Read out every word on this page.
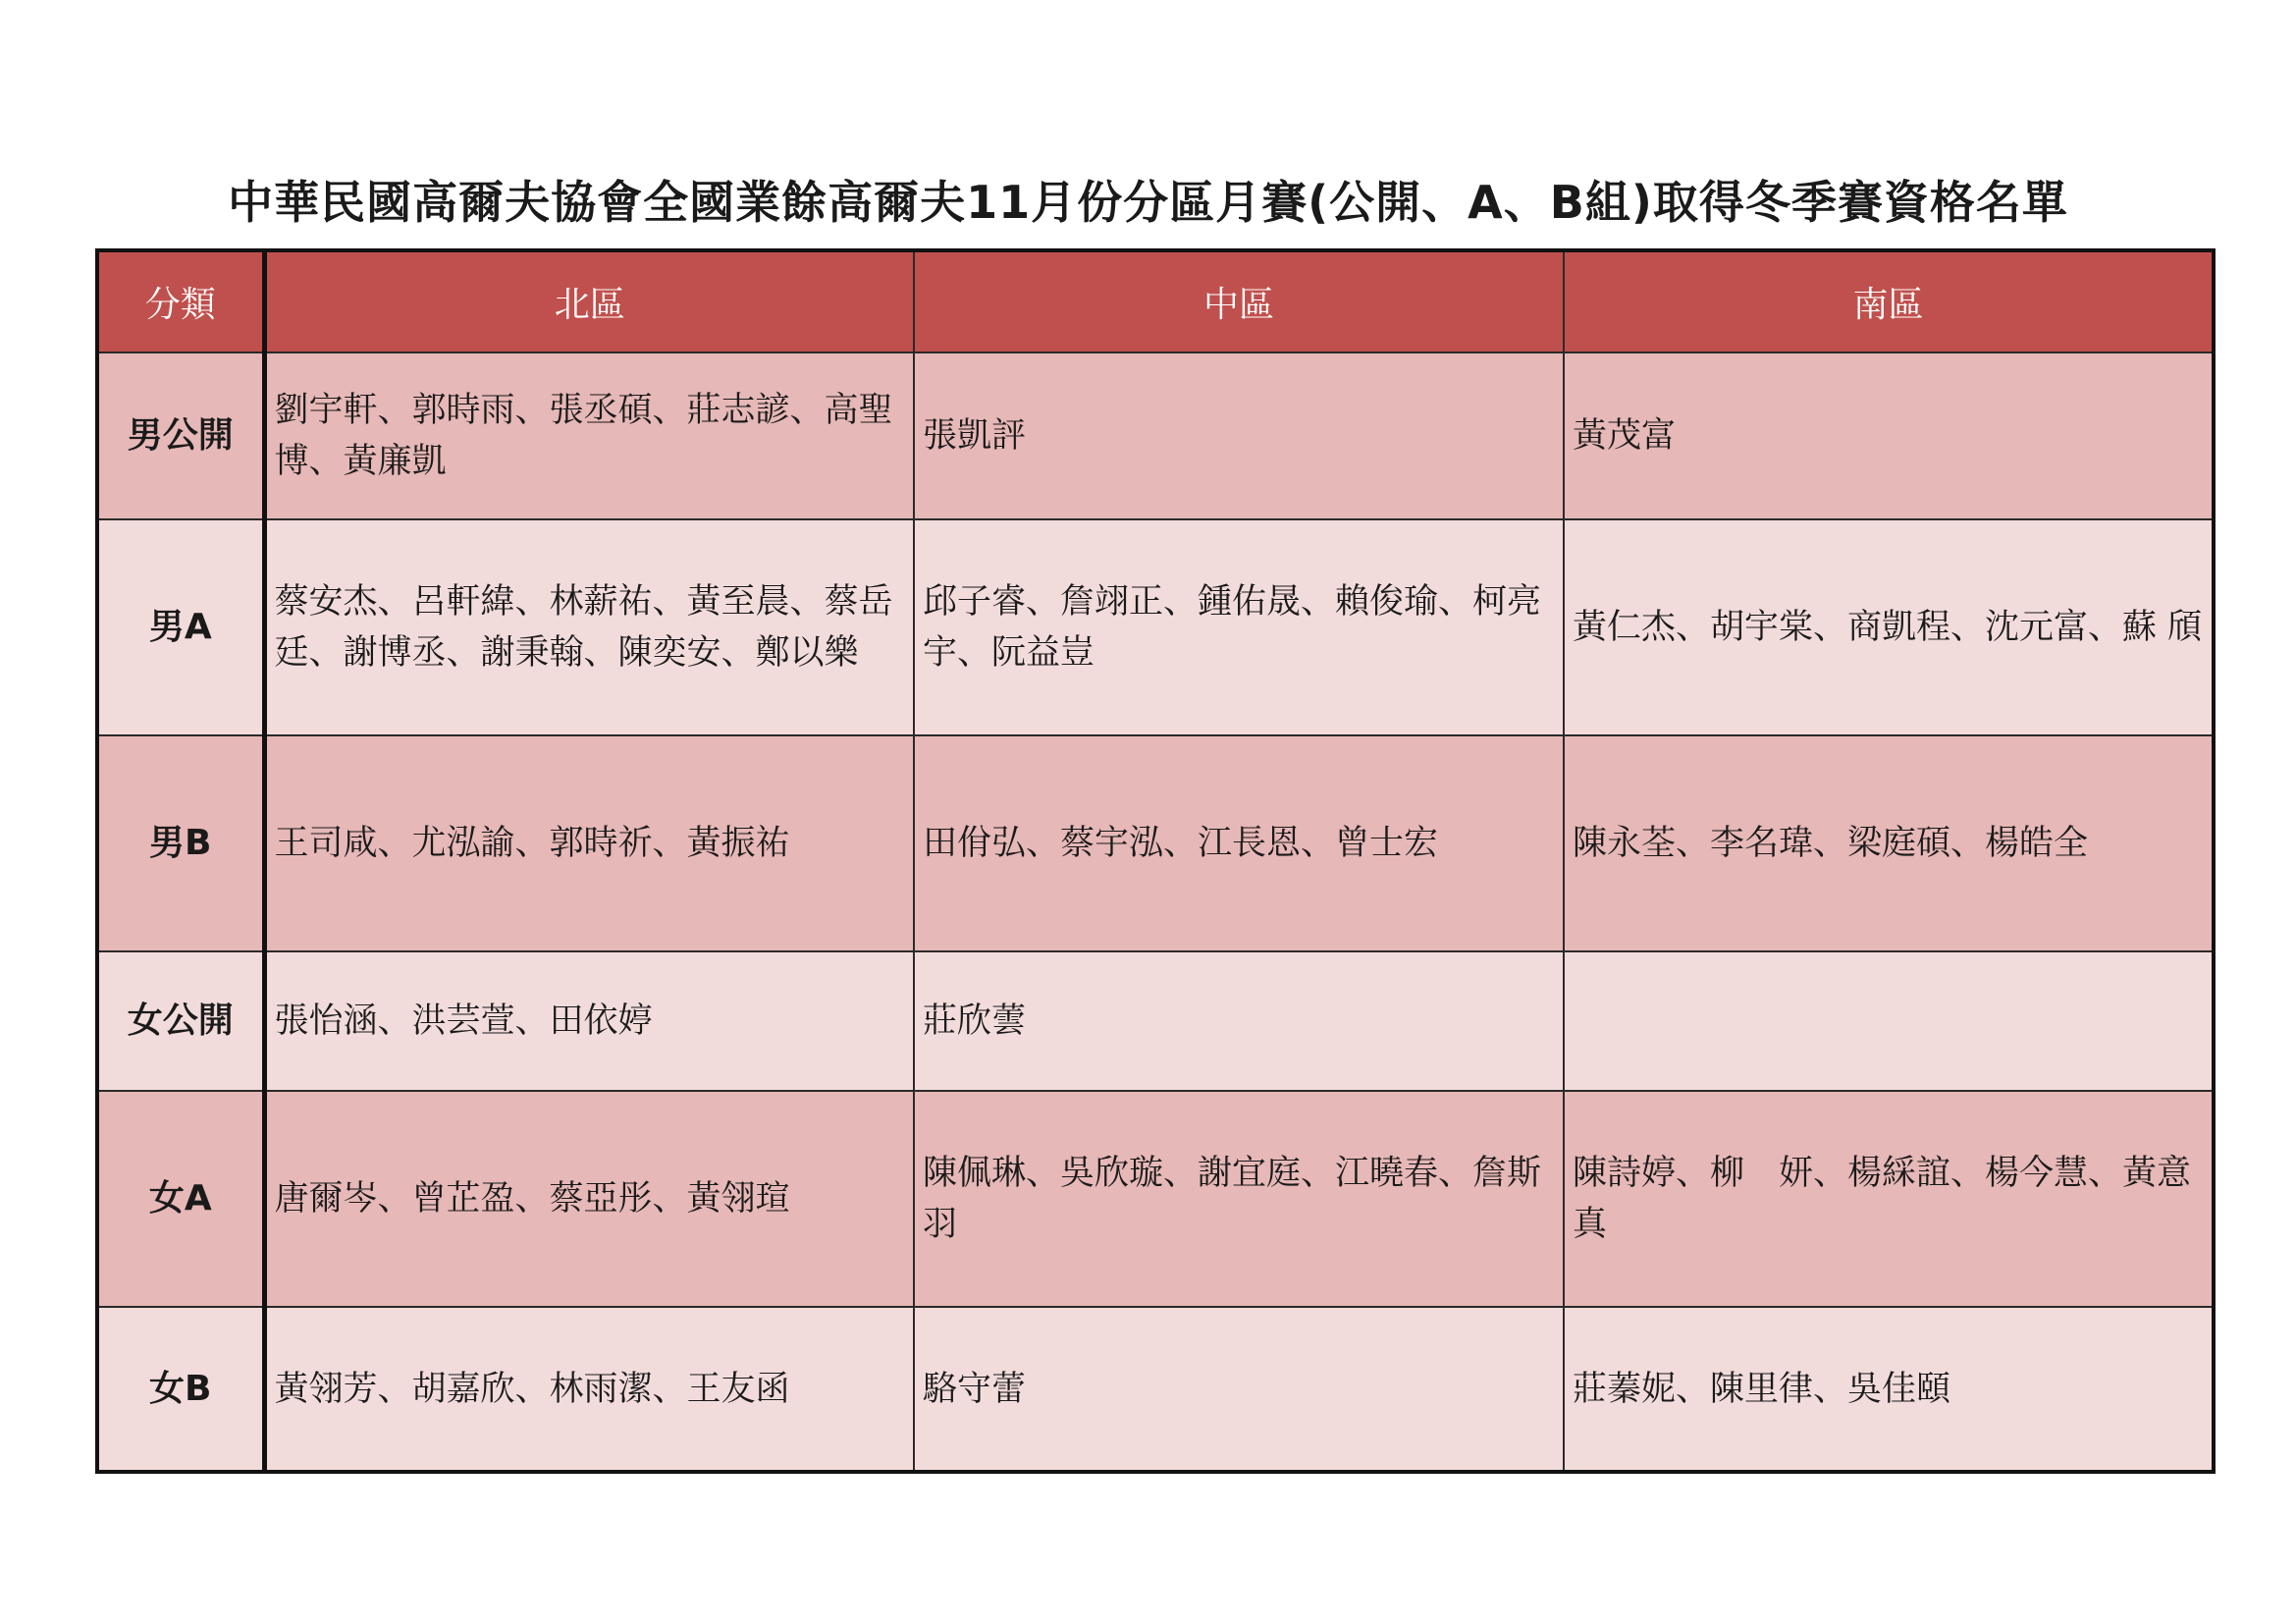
中華民國高爾夫協會全國業餘高爾夫11月份分區月賽(公開、A、B組)取得冬季賽資格名單
分類	北區	中區	南區
男公開	劉宇軒、郭時雨、張丞碩、莊志諺、高聖博、黃廉凱	張凱評	黃茂富
男A	蔡安杰、呂軒緯、林薪祐、黃至晨、蔡岳廷、謝博丞、謝秉翰、陳奕安、鄭以樂	邱子睿、詹翊正、鍾佑晟、賴俊瑜、柯亮宇、阮益豈	黃仁杰、胡宇棠、商凱程、沈元富、蘇 頎
男B	王司咸、尤泓諭、郭時祈、黃振祐	田佾弘、蔡宇泓、江長恩、曾士宏	陳永荃、李名瑋、梁庭碩、楊皓全
女公開	張怡涵、洪芸萱、田依婷	莊欣蕓	
女A	唐爾岑、曾芷盈、蔡亞彤、黃翎瑄	陳佩琳、吳欣璇、謝宜庭、江曉春、詹斯羽	陳詩婷、柳　妍、楊綵誼、楊今慧、黃意真
女B	黃翎芳、胡嘉欣、林雨潔、王友函	駱守蕾	莊蓁妮、陳里律、吳佳頤
